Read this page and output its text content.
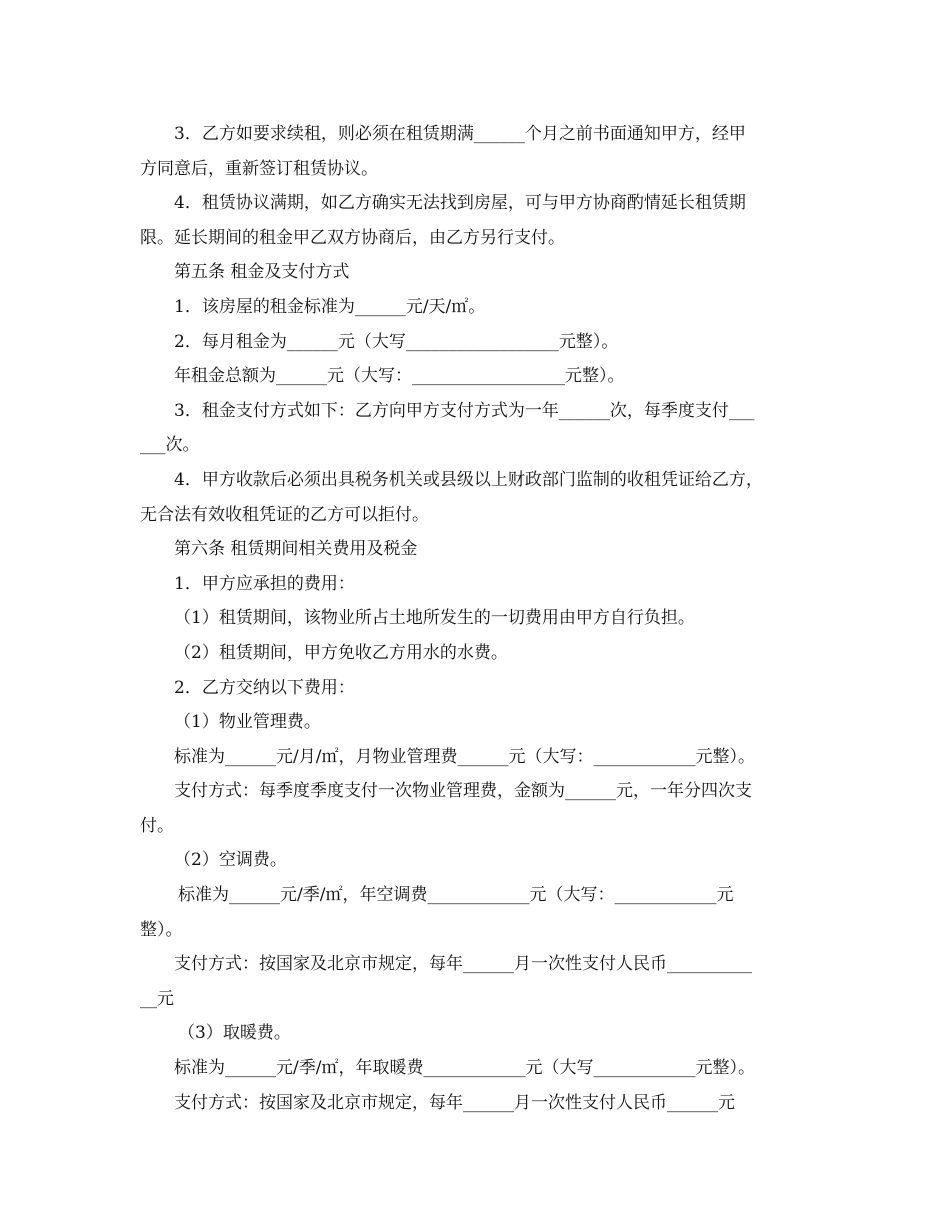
3．乙方如要求续租，则必须在租赁期满______个月之前书面通知甲方，经甲
方同意后，重新签订租赁协议。
4．租赁协议满期，如乙方确实无法找到房屋，可与甲方协商酌情延长租赁期
限。延长期间的租金甲乙双方协商后，由乙方另行支付。
第五条 租金及支付方式
1．该房屋的租金标准为______元/天/㎡。
2．每月租金为______元（大写__________________元整）。
年租金总额为______元（大写：__________________元整）。
3．租金支付方式如下：乙方向甲方支付方式为一年______次，每季度支付___
___次。
4．甲方收款后必须出具税务机关或县级以上财政部门监制的收租凭证给乙方，
无合法有效收租凭证的乙方可以拒付。
第六条 租赁期间相关费用及税金
1．甲方应承担的费用：
（1）租赁期间，该物业所占土地所发生的一切费用由甲方自行负担。
（2）租赁期间，甲方免收乙方用水的水费。
2．乙方交纳以下费用：
（1）物业管理费。
标准为______元/月/㎡，月物业管理费______元（大写：____________元整）。
支付方式：每季度季度支付一次物业管理费，金额为______元，一年分四次支
付。
（2）空调费。
标准为______元/季/㎡，年空调费____________元（大写：____________元
整）。
支付方式：按国家及北京市规定，每年______月一次性支付人民币__________
__元
（3）取暖费。
标准为______元/季/㎡，年取暖费____________元（大写____________元整）。
支付方式：按国家及北京市规定，每年______月一次性支付人民币______元
